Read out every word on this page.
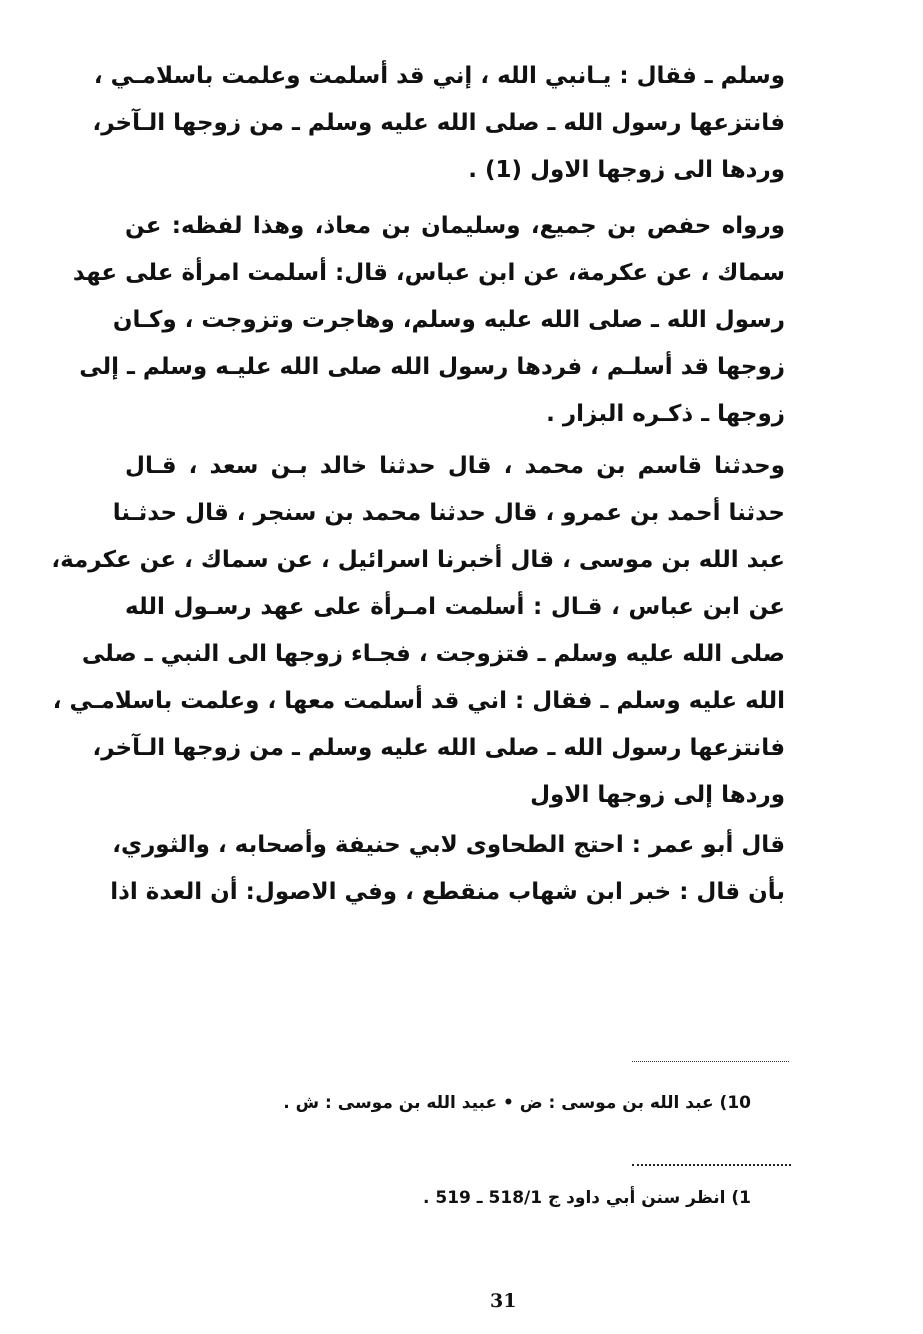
وسلم ـ فقال : يـانبي الله ، إني قد أسلمت وعلمت باسلامـي ،
فانتزعها رسول الله ـ صلى الله عليه وسلم ـ من زوجها الـآخر،
وردها الى زوجها الاول (1) .

ورواه حفص بن جميع، وسليمان بن معاذ، وهذا لفظه: عن
سماك ، عن عكرمة، عن ابن عباس، قال: أسلمت امرأة على عهد
رسول الله ـ صلى الله عليه وسلم، وهاجرت وتزوجت ، وكـان
زوجها قد أسلـم ، فردها رسول الله صلى الله عليـه وسلم ـ إلى
زوجها ـ ذكـره البزار .

وحدثنا قاسم بن محمد ، قال حدثنا خالد بـن سعد ، قـال
حدثنا أحمد بن عمرو ، قال حدثنا محمد بن سنجر ، قال حدثـنا
عبد الله بن موسى ، قال أخبرنا اسرائيل ، عن سماك ، عن عكرمة،
عن ابن عباس ، قـال : أسلمت امـرأة على عهد رسـول الله
صلى الله عليه وسلم ـ فتزوجت ، فجـاء زوجها الى النبي ـ صلى
الله عليه وسلم ـ فقال : اني قد أسلمت معها ، وعلمت باسلامـي ،
فانتزعها رسول الله ـ صلى الله عليه وسلم ـ من زوجها الـآخر،
وردها إلى زوجها الاول

قال أبو عمر : احتج الطحاوى لابي حنيفة وأصحابه ، والثوري،
بأن قال : خبر ابن شهاب منقطع ، وفي الاصول: أن العدة اذا

10) عبد الله بن موسى : ض • عبيد الله بن موسى : ش .
1) انظر سنن أبي داود ج 518/1 ـ 519 .
31
